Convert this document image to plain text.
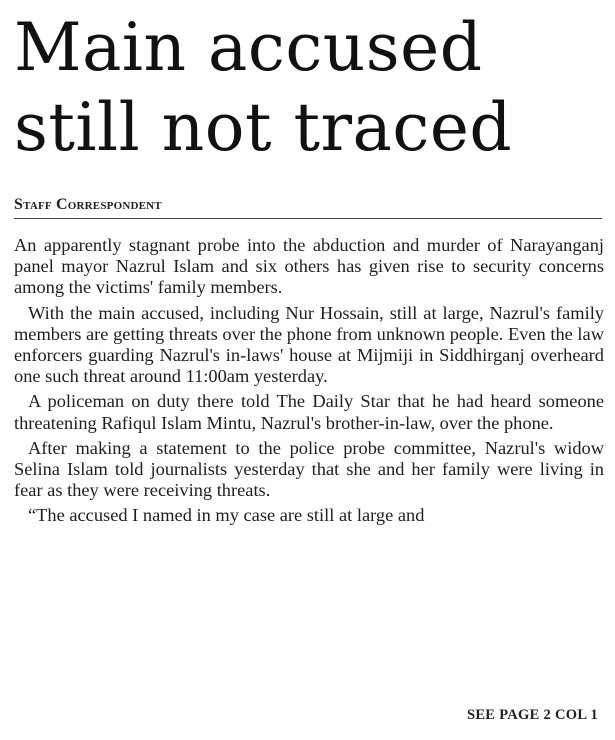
Main accused
still not traced
Staff Correspondent

An apparently stagnant probe into the abduction and murder of Narayanganj panel mayor Nazrul Islam and six others has given rise to security concerns among the victims' family members.

With the main accused, including Nur Hossain, still at large, Nazrul's family members are getting threats over the phone from unknown people. Even the law enforcers guarding Nazrul's in-laws' house at Mijmiji in Siddhirganj overheard one such threat around 11:00am yesterday.

A policeman on duty there told The Daily Star that he had heard someone threatening Rafiqul Islam Mintu, Nazrul's brother-in-law, over the phone.

After making a statement to the police probe committee, Nazrul's widow Selina Islam told journalists yesterday that she and her family were living in fear as they were receiving threats.

“The accused I named in my case are still at large and

SEE PAGE 2 COL 1
